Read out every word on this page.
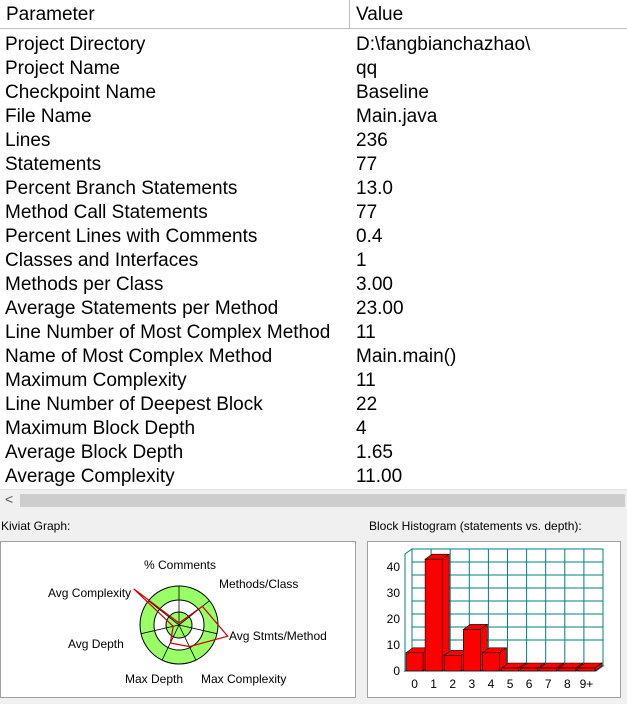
Parameter	Value
Project Directory	D:\fangbianchazhao\
Project Name	qq
Checkpoint Name	Baseline
File Name	Main.java
Lines	236
Statements	77
Percent Branch Statements	13.0
Method Call Statements	77
Percent Lines with Comments	0.4
Classes and Interfaces	1
Methods per Class	3.00
Average Statements per Method	23.00
Line Number of Most Complex Method 11
Name of Most Complex Method	Main.main()
Maximum Complexity	11
Line Number of Deepest Block	22
Maximum Block Depth	4
Average Block Depth	1.65
Average Complexity	11.00
<
Kiviat Graph:	Block Histogram (statements vs. depth):
% Comments
Methods/Class
Avg Stmts/Method
Max Complexity
Max Depth
Avg Depth
Avg Complexity
0
10
20
30
40
0 1 2 3 4 5 6 7 8 9+
